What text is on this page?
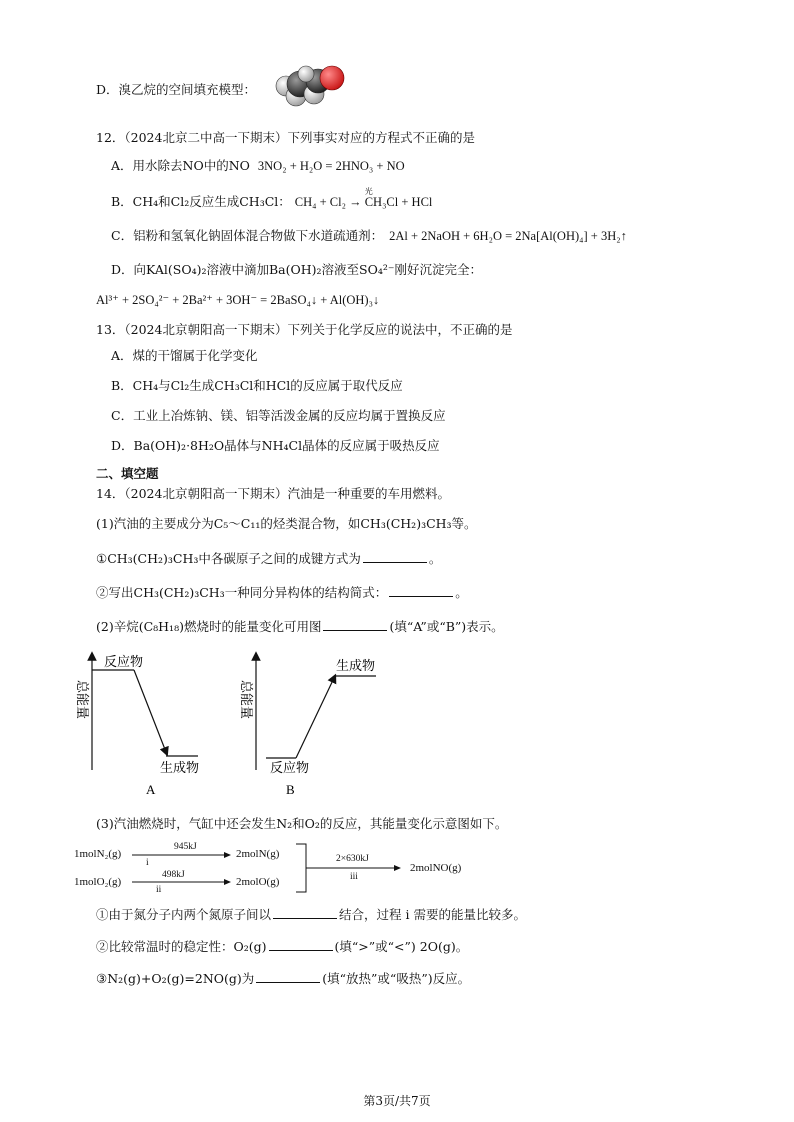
D．溴乙烷的空间填充模型：
12．（2024北京二中高一下期末）下列事实对应的方程式不正确的是
A．用水除去NO中的NO 3NO₂ + H₂O = 2HNO₃ + NO
B．CH₄和Cl₂反应生成CH₃Cl： CH₄ + Cl₂ → CH₃Cl + HCl
光
C．铝粉和氢氧化钠固体混合物做下水道疏通剂： 2Al + 2NaOH + 6H₂O = 2Na[Al(OH)₄] + 3H₂↑
D．向KAl(SO₄)₂溶液中滴加Ba(OH)₂溶液至SO₄²⁻刚好沉淀完全：
Al³⁺ + 2SO₄²⁻ + 2Ba²⁺ + 3OH⁻ = 2BaSO₄↓ + Al(OH)₃↓
13．（2024北京朝阳高一下期末）下列关于化学反应的说法中，不正确的是
A．煤的干馏属于化学变化
B．CH₄与Cl₂生成CH₃Cl和HCl的反应属于取代反应
C．工业上冶炼钠、镁、铝等活泼金属的反应均属于置换反应
D．Ba(OH)₂·8H₂O晶体与NH₄Cl晶体的反应属于吸热反应
二、填空题
14．（2024北京朝阳高一下期末）汽油是一种重要的车用燃料。
(1)汽油的主要成分为C₅～C₁₁的烃类混合物，如CH₃(CH₂)₃CH₃等。
①CH₃(CH₂)₃CH₃中各碳原子之间的成键方式为	。
②写出CH₃(CH₂)₃CH₃一种同分异构体的结构简式：	。
(2)辛烷(C₈H₁₈)燃烧时的能量变化可用图	(填“A”或“B”)表示。
反应物
生成物
总能量
A
生成物
反应物
总能量
B
(3)汽油燃烧时，气缸中还会发生N₂和O₂的反应，其能量变化示意图如下。
1molN₂(g)
1molO₂(g)
945kJ
498kJ
i
ii
2molN(g)
2molO(g)
2×630kJ
iii
2molNO(g)
①由于氮分子内两个氮原子间以	结合，过程 i 需要的能量比较多。
②比较常温时的稳定性：O₂(g)	(填“>”或“<”) 2O(g)。
③N₂(g)+O₂(g)=2NO(g)为	(填“放热”或“吸热”)反应。
第3页/共7页
